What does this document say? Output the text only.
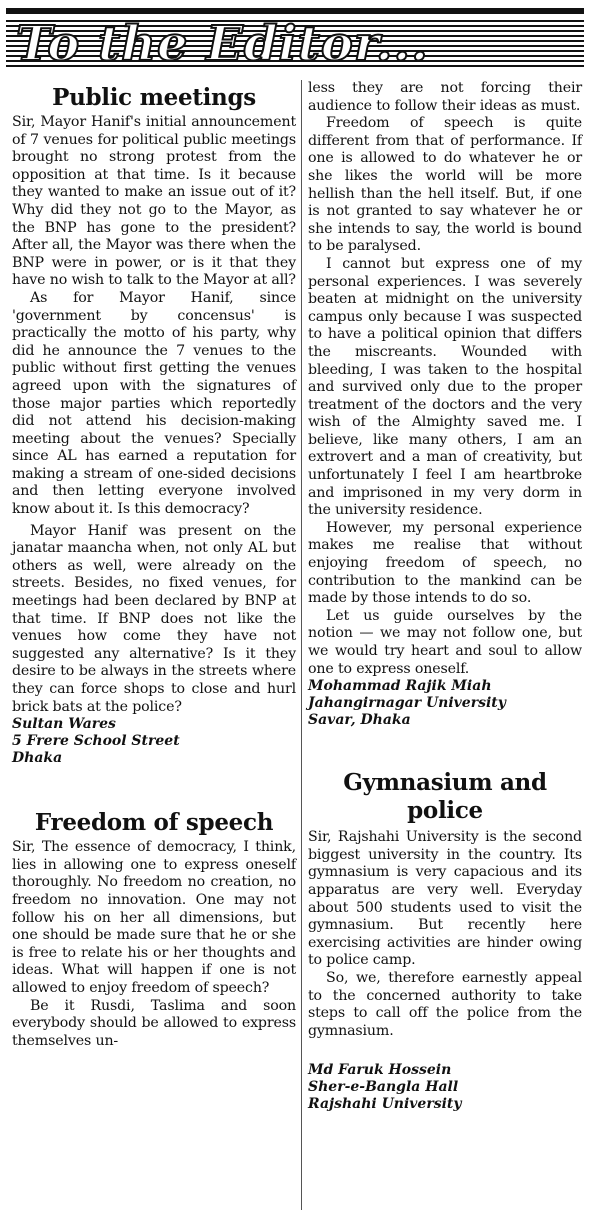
To the Editor...
Public meetings

Sir, Mayor Hanif's initial announcement of 7 venues for political public meetings brought no strong protest from the opposition at that time. Is it because they wanted to make an issue out of it? Why did they not go to the Mayor, as the BNP has gone to the president? After all, the Mayor was there when the BNP were in power, or is it that they have no wish to talk to the Mayor at all?

As for Mayor Hanif, since 'government by concensus' is practically the motto of his party, why did he announce the 7 venues to the public without first getting the venues agreed upon with the signatures of those major parties which reportedly did not attend his decision-making meeting about the venues? Specially since AL has earned a reputation for making a stream of one-sided decisions and then letting everyone involved know about it. Is this democracy?

Mayor Hanif was present on the janatar maancha when, not only AL but others as well, were already on the streets. Besides, no fixed venues, for meetings had been declared by BNP at that time. If BNP does not like the venues how come they have not suggested any alternative? Is it they desire to be always in the streets where they can force shops to close and hurl brick bats at the police?

Sultan Wares
5 Frere School Street
Dhaka
Freedom of speech

Sir, The essence of democracy, I think, lies in allowing one to express oneself thoroughly. No freedom no creation, no freedom no innovation. One may not follow his on her all dimensions, but one should be made sure that he or she is free to relate his or her thoughts and ideas. What will happen if one is not allowed to enjoy freedom of speech?

Be it Rusdi, Taslima and soon everybody should be allowed to express themselves un-

less they are not forcing their audience to follow their ideas as must.

Freedom of speech is quite different from that of performance. If one is allowed to do whatever he or she likes the world will be more hellish than the hell itself. But, if one is not granted to say whatever he or she intends to say, the world is bound to be paralysed.

I cannot but express one of my personal experiences. I was severely beaten at midnight on the university campus only because I was suspected to have a political opinion that differs the miscreants. Wounded with bleeding, I was taken to the hospital and survived only due to the proper treatment of the doctors and the very wish of the Almighty saved me. I believe, like many others, I am an extrovert and a man of creativity, but unfortunately I feel I am heartbroke and imprisoned in my very dorm in the university residence.

However, my personal experience makes me realise that without enjoying freedom of speech, no contribution to the mankind can be made by those intends to do so.

Let us guide ourselves by the notion — we may not follow one, but we would try heart and soul to allow one to express oneself.

Mohammad Rajik Miah
Jahangirnagar University
Savar, Dhaka
Gymnasium and
police

Sir, Rajshahi University is the second biggest university in the country. Its gymnasium is very capacious and its apparatus are very well. Everyday about 500 students used to visit the gymnasium. But recently here exercising activities are hinder owing to police camp.

So, we, therefore earnestly appeal to the concerned authority to take steps to call off the police from the gymnasium.

Md Faruk Hossein
Sher-e-Bangla Hall
Rajshahi University
